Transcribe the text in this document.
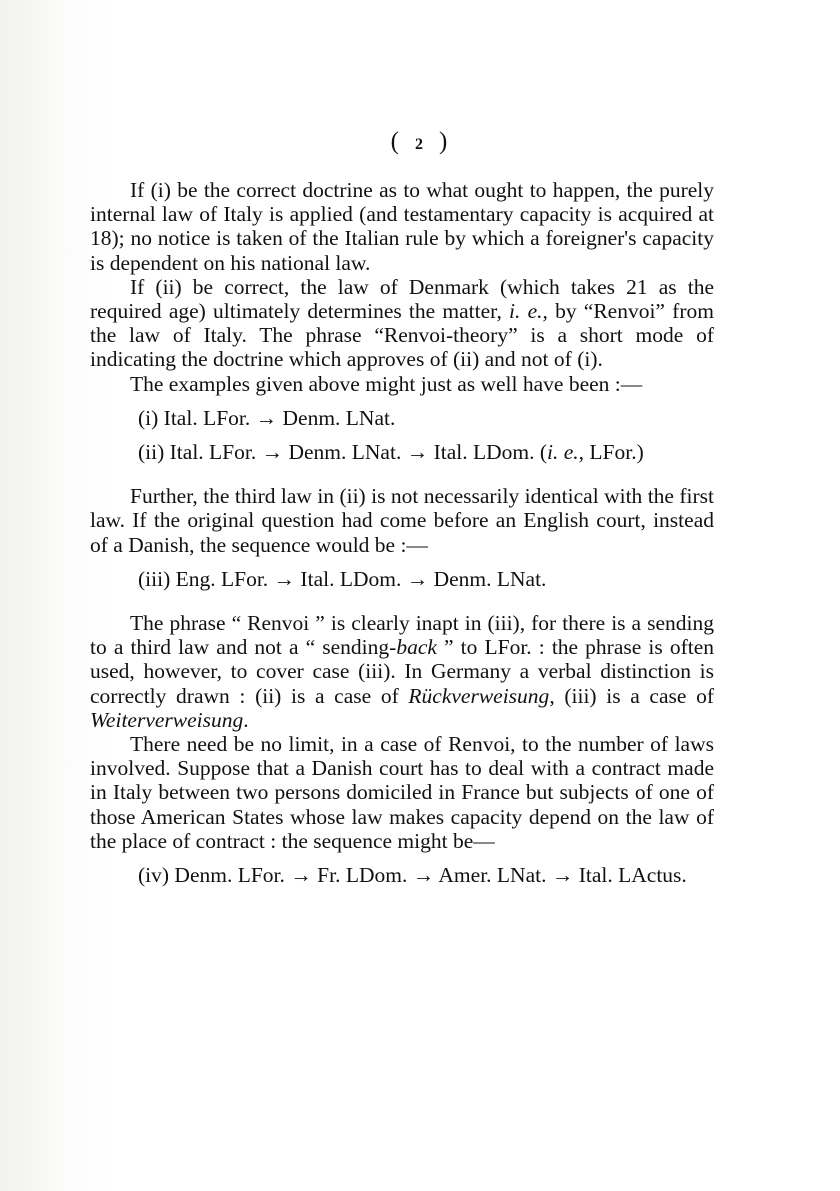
( 2 )

If (i) be the correct doctrine as to what ought to happen, the purely internal law of Italy is applied (and testamentary capacity is acquired at 18); no notice is taken of the Italian rule by which a foreigner's capacity is dependent on his national law.

If (ii) be correct, the law of Denmark (which takes 21 as the required age) ultimately determines the matter, i. e., by “Renvoi” from the law of Italy. The phrase “Renvoi-theory” is a short mode of indicating the doctrine which approves of (ii) and not of (i).

The examples given above might just as well have been :—

(i) Ital. LFor. → Denm. LNat.
(ii) Ital. LFor. → Denm. LNat. → Ital. LDom. (i. e., LFor.)

Further, the third law in (ii) is not necessarily identical with the first law. If the original question had come before an English court, instead of a Danish, the sequence would be :—

(iii) Eng. LFor. → Ital. LDom. → Denm. LNat.

The phrase “ Renvoi ” is clearly inapt in (iii), for there is a sending to a third law and not a “ sending-back ” to LFor. : the phrase is often used, however, to cover case (iii). In Germany a verbal distinction is correctly drawn : (ii) is a case of Rückverweisung, (iii) is a case of Weiterverweisung.

There need be no limit, in a case of Renvoi, to the number of laws involved. Suppose that a Danish court has to deal with a contract made in Italy between two persons domiciled in France but subjects of one of those American States whose law makes capacity depend on the law of the place of contract : the sequence might be—

(iv) Denm. LFor. → Fr. LDom. → Amer. LNat. → Ital. LActus.
